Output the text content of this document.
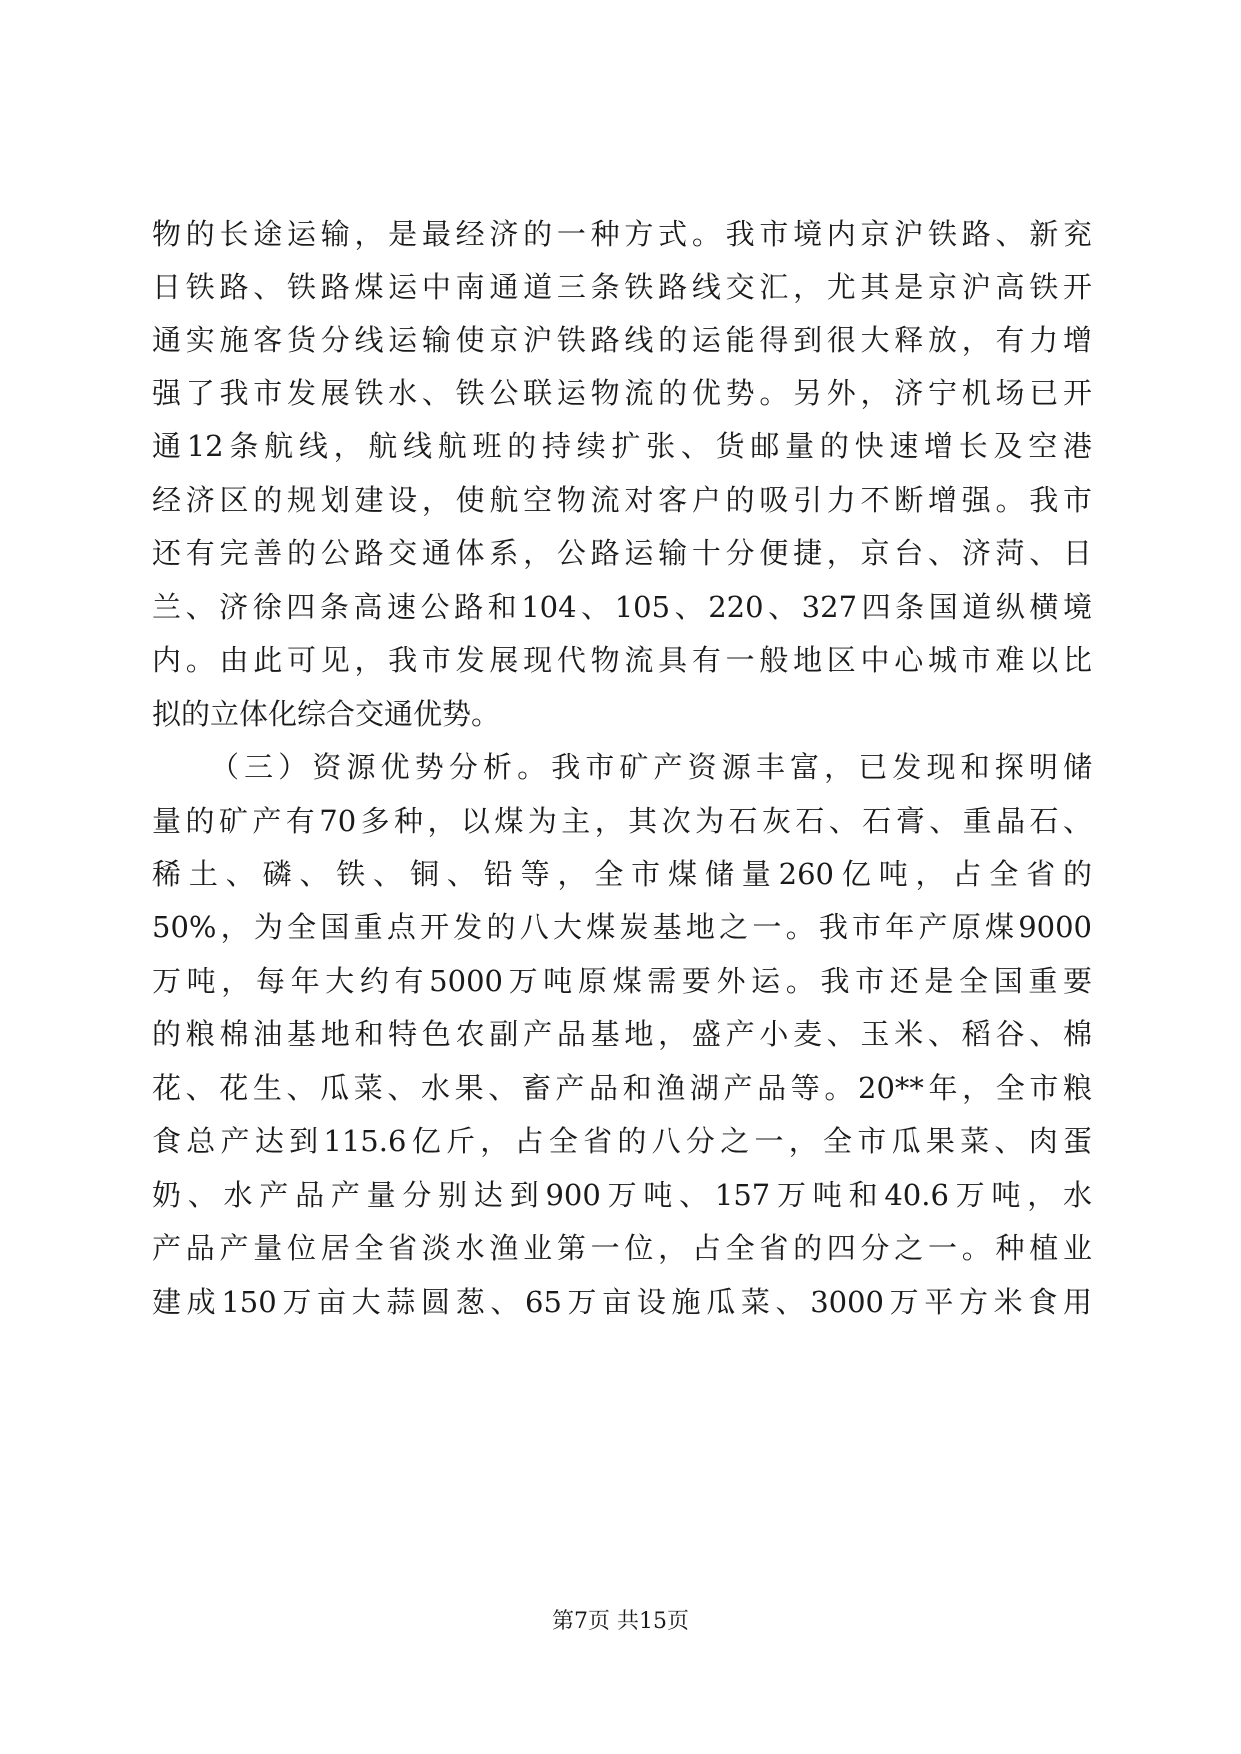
物的长途运输，是最经济的一种方式。我市境内京沪铁路、新兖
日铁路、铁路煤运中南通道三条铁路线交汇，尤其是京沪高铁开
通实施客货分线运输使京沪铁路线的运能得到很大释放，有力增
强了我市发展铁水、铁公联运物流的优势。另外，济宁机场已开
通12条航线，航线航班的持续扩张、货邮量的快速增长及空港
经济区的规划建设，使航空物流对客户的吸引力不断增强。我市
还有完善的公路交通体系，公路运输十分便捷，京台、济菏、日
兰、济徐四条高速公路和104、105、220、327四条国道纵横境
内。由此可见，我市发展现代物流具有一般地区中心城市难以比
拟的立体化综合交通优势。
（三）资源优势分析。我市矿产资源丰富，已发现和探明储
量的矿产有70多种，以煤为主，其次为石灰石、石膏、重晶石、
稀土、磷、铁、铜、铅等，全市煤储量260亿吨，占全省的
50%，为全国重点开发的八大煤炭基地之一。我市年产原煤9000
万吨，每年大约有5000万吨原煤需要外运。我市还是全国重要
的粮棉油基地和特色农副产品基地，盛产小麦、玉米、稻谷、棉
花、花生、瓜菜、水果、畜产品和渔湖产品等。20**年，全市粮
食总产达到115.6亿斤，占全省的八分之一，全市瓜果菜、肉蛋
奶、水产品产量分别达到900万吨、157万吨和40.6万吨，水
产品产量位居全省淡水渔业第一位，占全省的四分之一。种植业
建成150万亩大蒜圆葱、65万亩设施瓜菜、3000万平方米食用
第7页 共15页
